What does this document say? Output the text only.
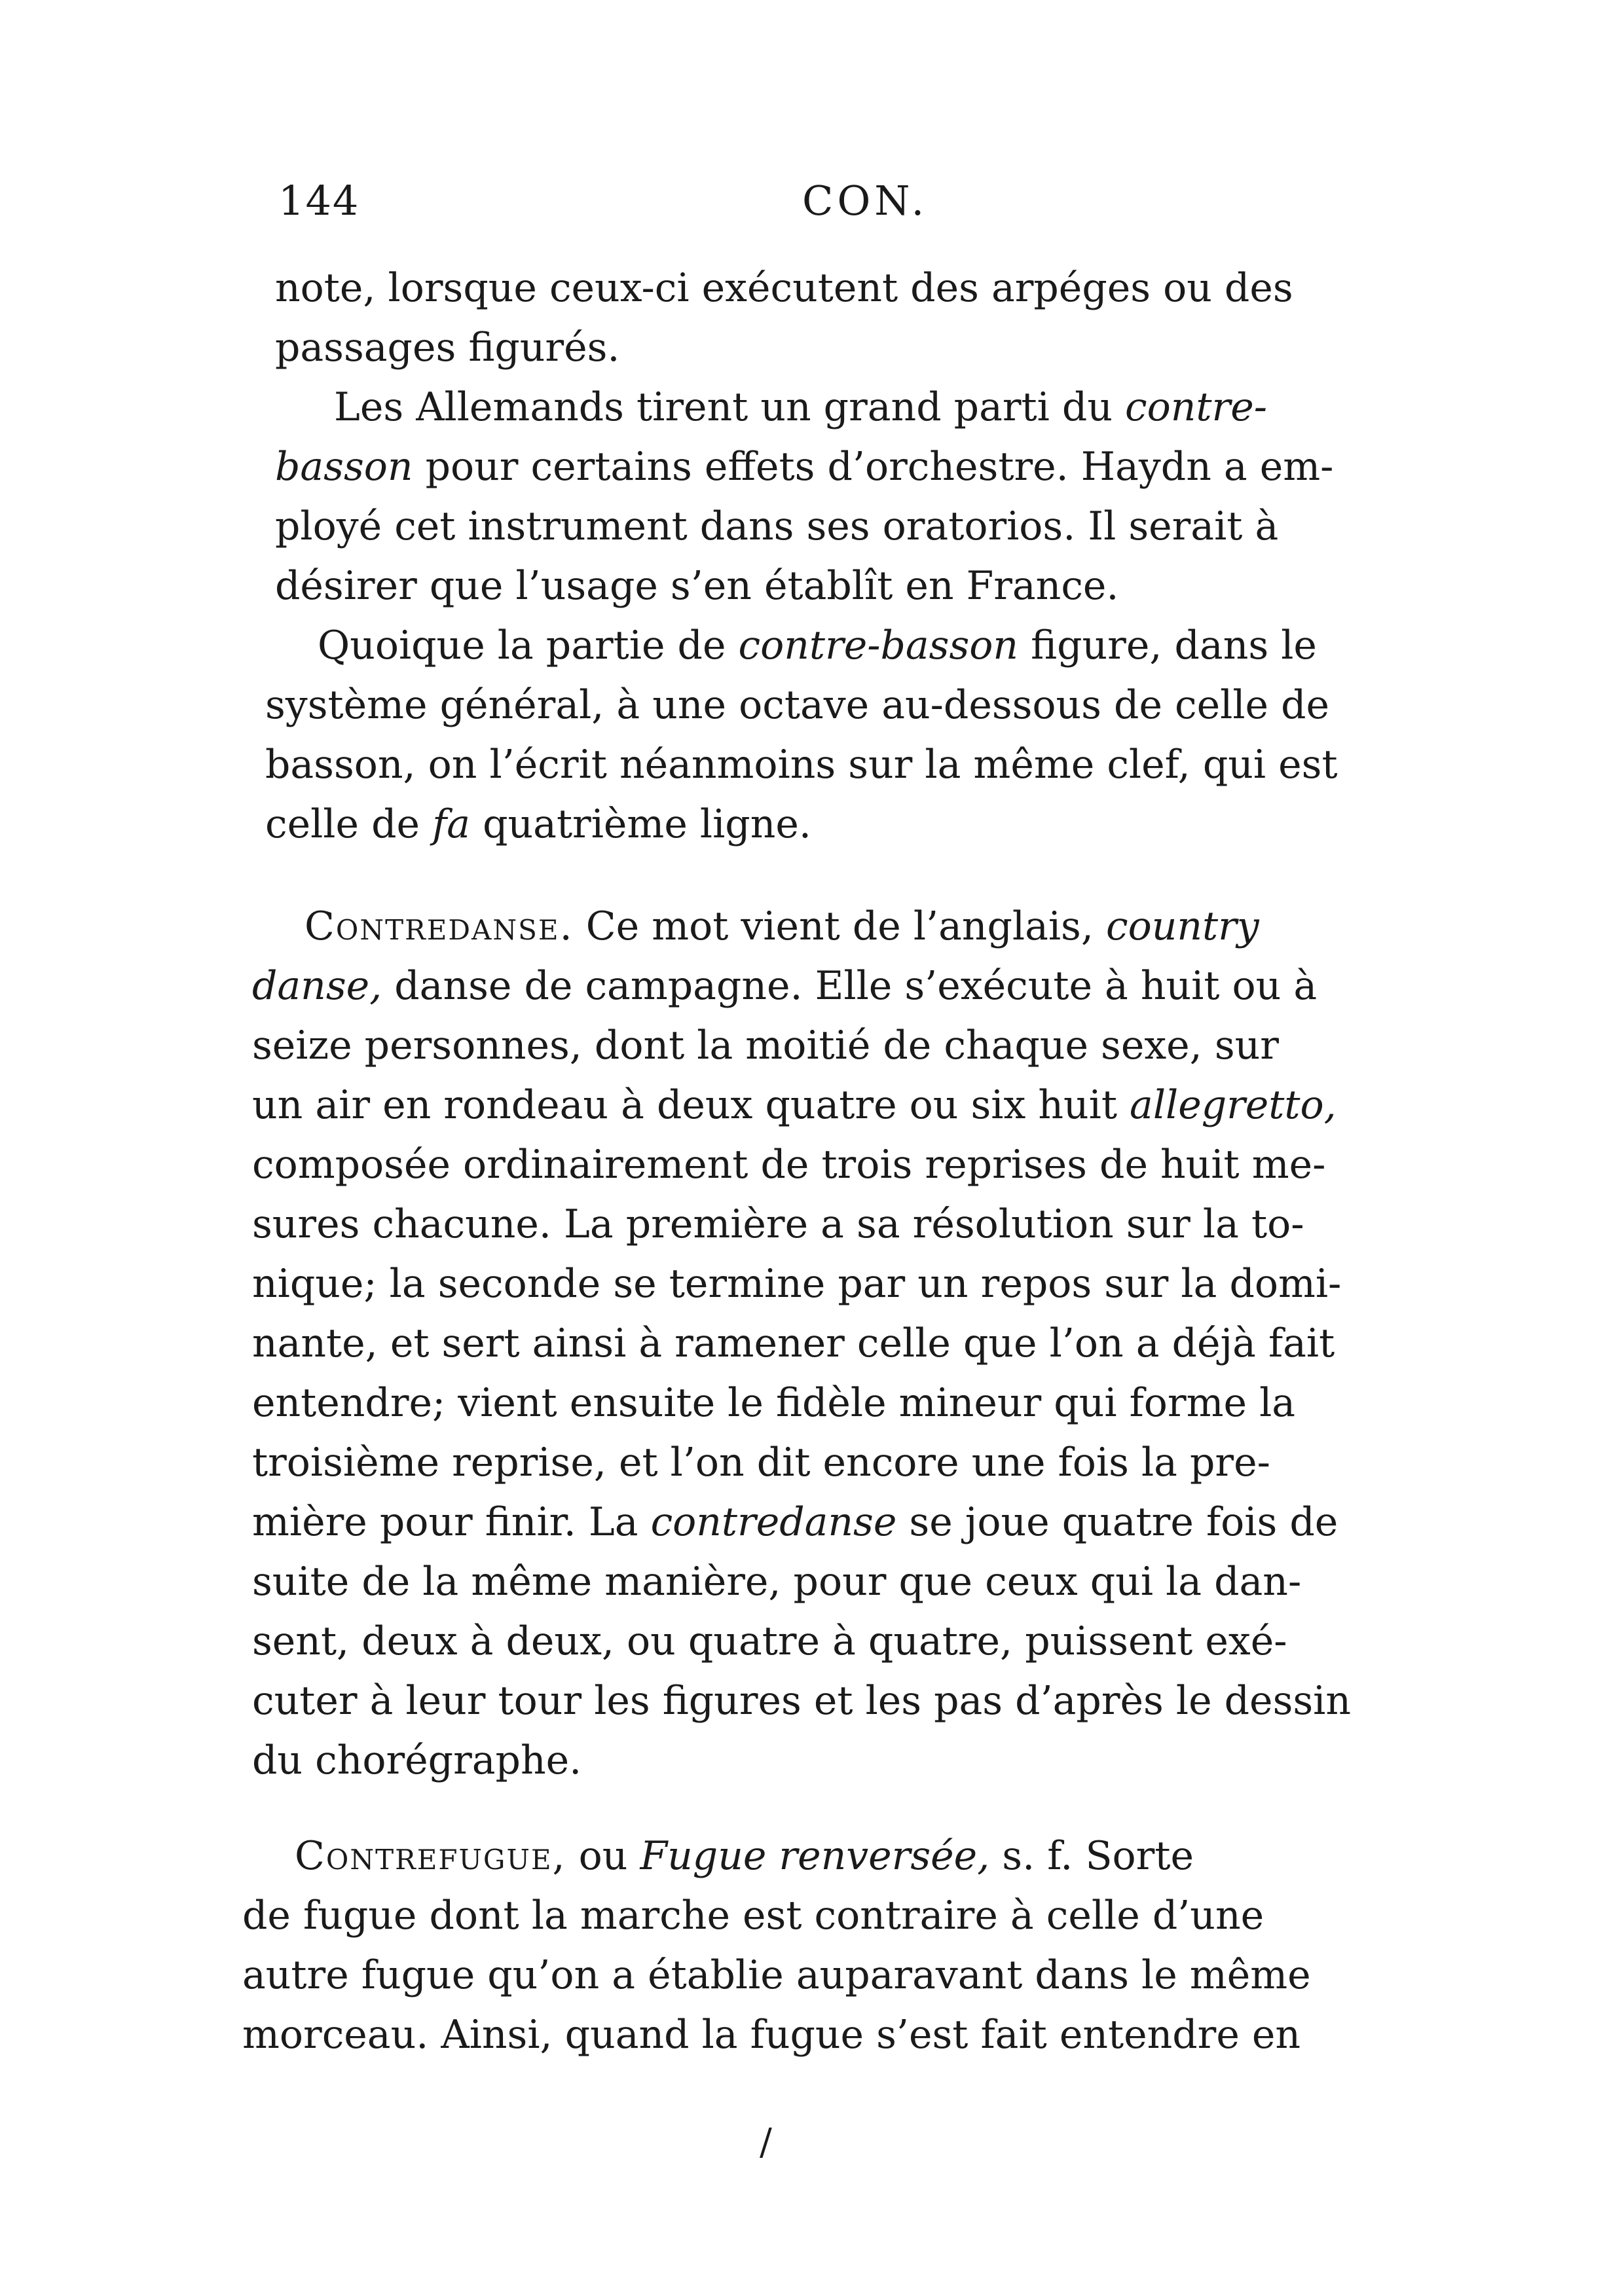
144	CON.
note, lorsque ceux-ci exécutent des arpéges ou des
passages figurés.
Les Allemands tirent un grand parti du contre-
basson pour certains effets d’orchestre. Haydn a em-
ployé cet instrument dans ses oratorios. Il serait à
désirer que l’usage s’en établît en France.
Quoique la partie de contre-basson figure, dans le
système général, à une octave au-dessous de celle de
basson, on l’écrit néanmoins sur la même clef, qui est
celle de fa quatrième ligne.
Contredanse. Ce mot vient de l’anglais, country
danse, danse de campagne. Elle s’exécute à huit ou à
seize personnes, dont la moitié de chaque sexe, sur
un air en rondeau à deux quatre ou six huit allegretto,
composée ordinairement de trois reprises de huit me-
sures chacune. La première a sa résolution sur la to-
nique; la seconde se termine par un repos sur la domi-
nante, et sert ainsi à ramener celle que l’on a déjà fait
entendre; vient ensuite le fidèle mineur qui forme la
troisième reprise, et l’on dit encore une fois la pre-
mière pour finir. La contredanse se joue quatre fois de
suite de la même manière, pour que ceux qui la dan-
sent, deux à deux, ou quatre à quatre, puissent exé-
cuter à leur tour les figures et les pas d’après le dessin
du chorégraphe.
Contrefugue, ou Fugue renversée, s. f. Sorte
de fugue dont la marche est contraire à celle d’une
autre fugue qu’on a établie auparavant dans le même
morceau. Ainsi, quand la fugue s’est fait entendre en
/
